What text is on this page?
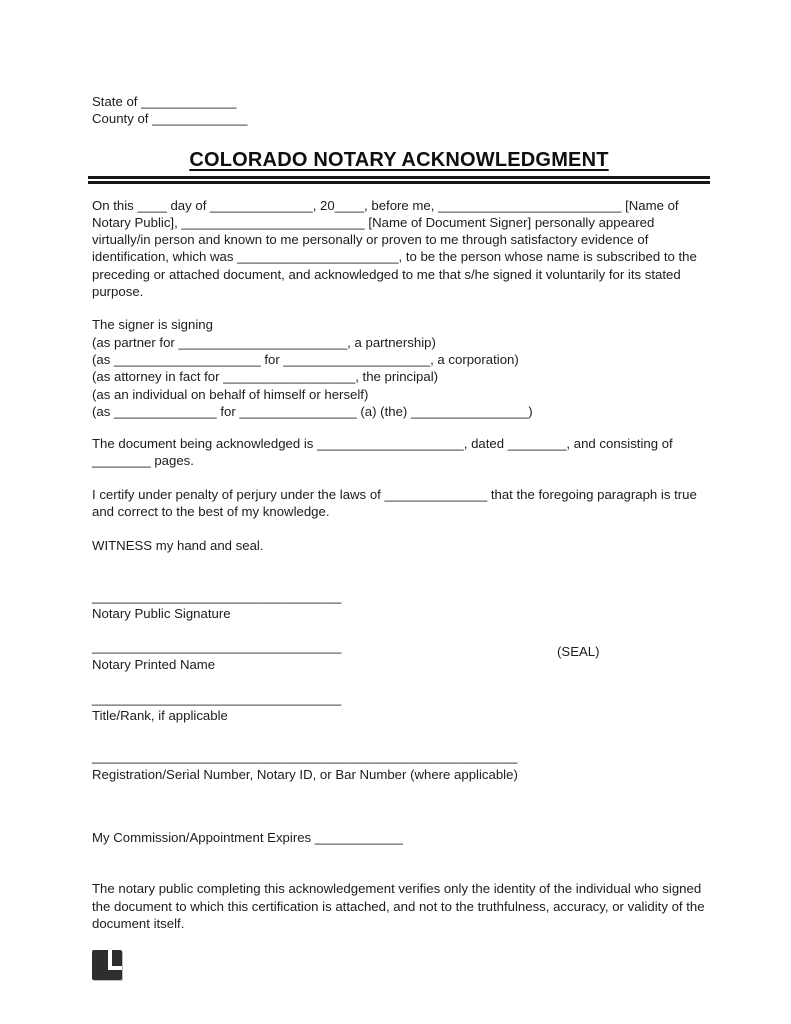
State of _____________
County of _____________
COLORADO NOTARY ACKNOWLEDGMENT
On this ____ day of ______________, 20____, before me, _________________________ [Name of
Notary Public], _________________________ [Name of Document Signer] personally appeared
virtually/in person and known to me personally or proven to me through satisfactory evidence of
identification, which was ______________________, to be the person whose name is subscribed to the
preceding or attached document, and acknowledged to me that s/he signed it voluntarily for its stated
purpose.
The signer is signing
(as partner for _______________________, a partnership)
(as ____________________ for ____________________, a corporation)
(as attorney in fact for __________________, the principal)
(as an individual on behalf of himself or herself)
(as ______________ for ________________ (a) (the) ________________)
The document being acknowledged is ____________________, dated ________, and consisting of
________ pages.
I certify under penalty of perjury under the laws of ______________ that the foregoing paragraph is true
and correct to the best of my knowledge.
WITNESS my hand and seal.
__________________________________
Notary Public Signature
__________________________________
Notary Printed Name
(SEAL)
__________________________________
Title/Rank, if applicable
__________________________________________________________
Registration/Serial Number, Notary ID, or Bar Number (where applicable)
My Commission/Appointment Expires ____________
The notary public completing this acknowledgement verifies only the identity of the individual who signed
the document to which this certification is attached, and not to the truthfulness, accuracy, or validity of the
document itself.
